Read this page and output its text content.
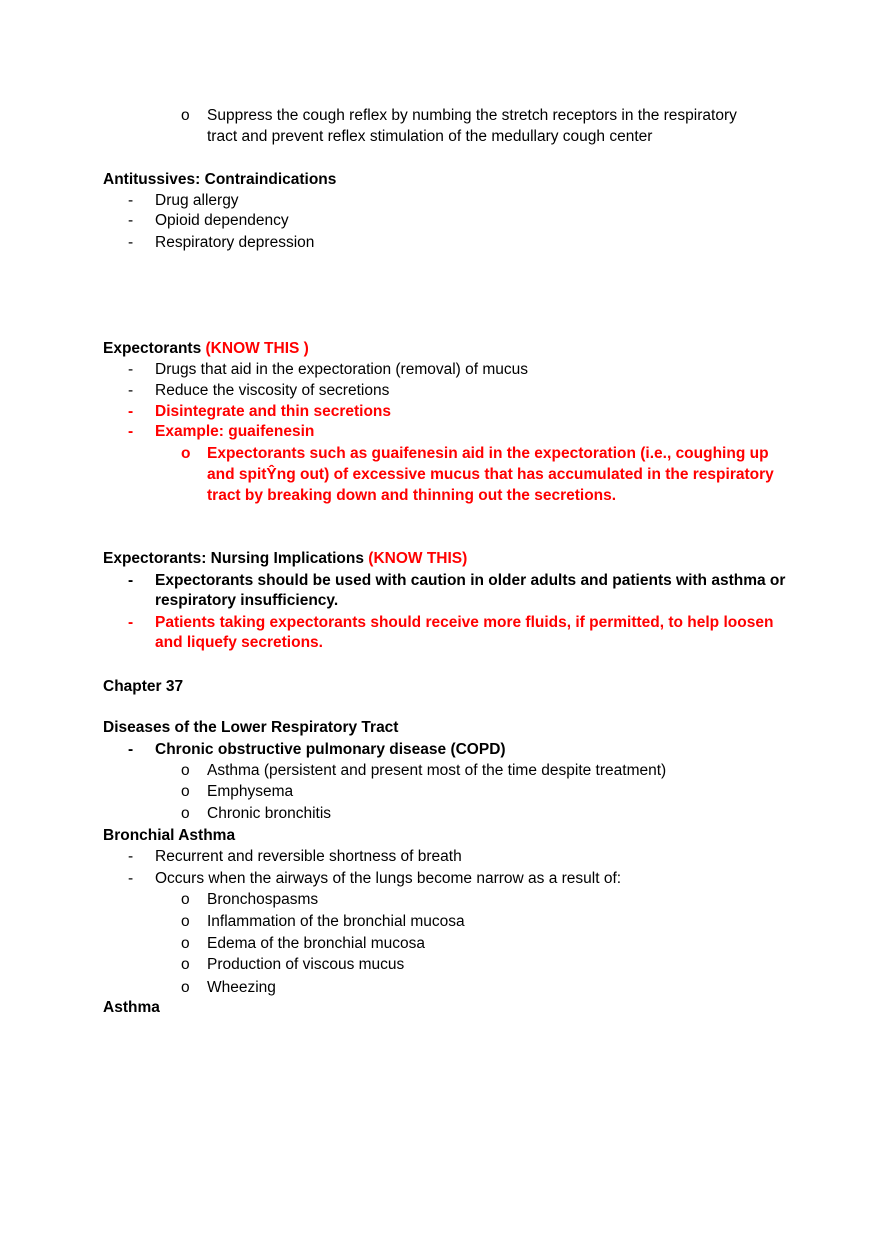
o Suppress the cough reflex by numbing the stretch receptors in the respiratory
tract and prevent reflex stimulation of the medullary cough center
Antitussives: Contraindications
- Drug allergy
- Opioid dependency
- Respiratory depression
Expectorants (KNOW THIS )
- Drugs that aid in the expectoration (removal) of mucus
- Reduce the viscosity of secretions
- Disintegrate and thin secretions
- Example: guaifenesin
o Expectorants such as guaifenesin aid in the expectoration (i.e., coughing up
and spitŶng out) of excessive mucus that has accumulated in the respiratory
tract by breaking down and thinning out the secretions.
Expectorants: Nursing Implications (KNOW THIS)
- Expectorants should be used with caution in older adults and patients with asthma or
respiratory insufﬁciency.
- Patients taking expectorants should receive more fluids, if permitted, to help loosen
and liquefy secretions.
Chapter 37
Diseases of the Lower Respiratory Tract
- Chronic obstructive pulmonary disease (COPD)
o Asthma (persistent and present most of the time despite treatment)
o Emphysema
o Chronic bronchitis
Bronchial Asthma
- Recurrent and reversible shortness of breath
- Occurs when the airways of the lungs become narrow as a result of:
o Bronchospasms
o Inflammation of the bronchial mucosa
o Edema of the bronchial mucosa
o Production of viscous mucus
o Wheezing
Asthma
